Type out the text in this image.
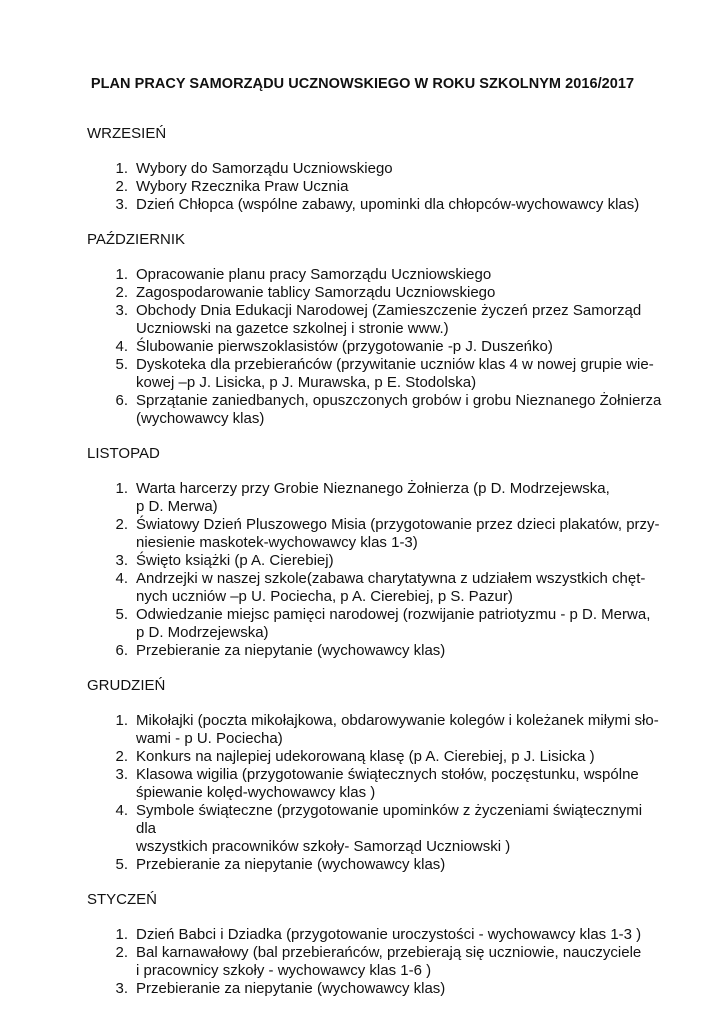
PLAN PRACY SAMORZĄDU UCZNOWSKIEGO W ROKU SZKOLNYM 2016/2017
WRZESIEŃ
1. Wybory do Samorządu Uczniowskiego
2. Wybory Rzecznika Praw Ucznia
3. Dzień Chłopca (wspólne zabawy, upominki dla chłopców-wychowawcy klas)
PAŹDZIERNIK
1. Opracowanie planu pracy Samorządu Uczniowskiego
2. Zagospodarowanie tablicy Samorządu Uczniowskiego
3. Obchody Dnia Edukacji Narodowej (Zamieszczenie życzeń przez Samorząd
Uczniowski na gazetce szkolnej i stronie www.)
4. Ślubowanie pierwszoklasistów (przygotowanie -p J. Duszeńko)
5. Dyskoteka dla przebierańców (przywitanie uczniów klas 4 w nowej grupie wie-
kowej –p J. Lisicka, p J. Murawska, p E. Stodolska)
6. Sprzątanie zaniedbanych, opuszczonych grobów i grobu Nieznanego Żołnierza
(wychowawcy klas)
LISTOPAD
1. Warta harcerzy przy Grobie Nieznanego Żołnierza (p D. Modrzejewska,
p D. Merwa)
2. Światowy Dzień Pluszowego Misia (przygotowanie przez dzieci plakatów, przy-
niesienie maskotek-wychowawcy klas 1-3)
3. Święto książki (p A. Cierebiej)
4. Andrzejki w naszej szkole(zabawa charytatywna z udziałem wszystkich chęt-
nych uczniów –p U. Pociecha, p A. Cierebiej, p S. Pazur)
5. Odwiedzanie miejsc pamięci narodowej (rozwijanie patriotyzmu - p D. Merwa,
p D. Modrzejewska)
6. Przebieranie za niepytanie (wychowawcy klas)
GRUDZIEŃ
1. Mikołajki (poczta mikołajkowa, obdarowywanie kolegów i koleżanek miłymi sło-
wami - p U. Pociecha)
2. Konkurs na najlepiej udekorowaną klasę (p A. Cierebiej, p J. Lisicka )
3. Klasowa wigilia (przygotowanie świątecznych stołów, poczęstunku, wspólne
śpiewanie kolęd-wychowawcy klas )
4. Symbole świąteczne (przygotowanie upominków z życzeniami świątecznymi dla
wszystkich pracowników szkoły- Samorząd Uczniowski )
5. Przebieranie za niepytanie (wychowawcy klas)
STYCZEŃ
1. Dzień Babci i Dziadka (przygotowanie uroczystości - wychowawcy klas 1-3 )
2. Bal karnawałowy (bal przebierańców, przebierają się uczniowie, nauczyciele
i pracownicy szkoły - wychowawcy klas 1-6 )
3. Przebieranie za niepytanie (wychowawcy klas)
